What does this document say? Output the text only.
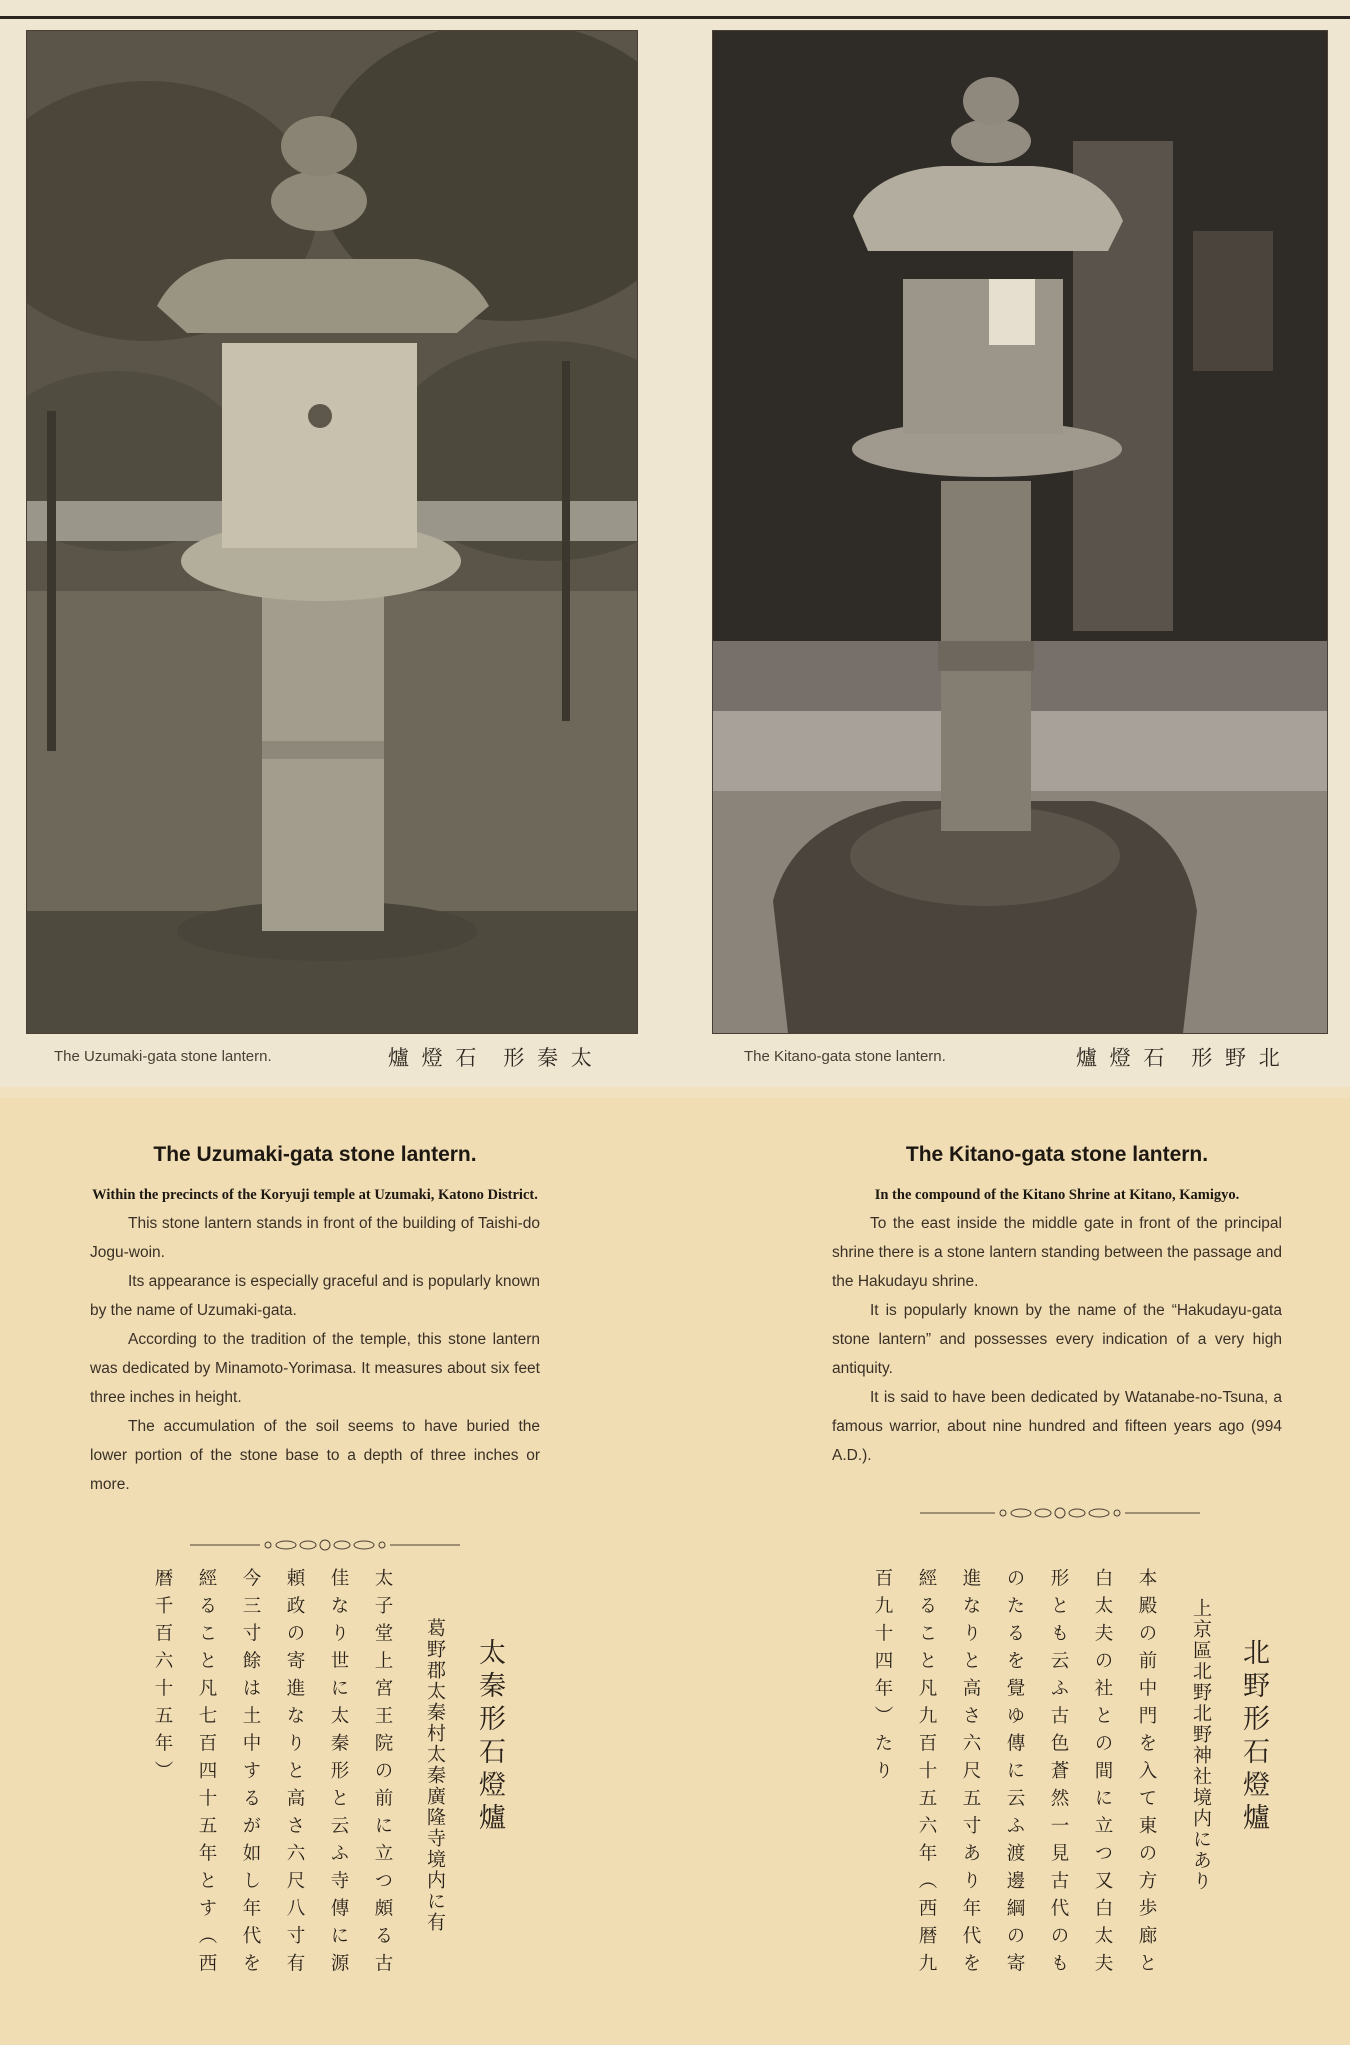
The Uzumaki-gata stone lantern.	爐 燈 石　形 秦 太	The Kitano-gata stone lantern.	爐 燈 石　形 野 北
The Uzumaki-gata stone lantern.
Within the precincts of the Koryuji temple at Uzumaki, Katono District.

This stone lantern stands in front of the building of Taishi-do Jogu-woin.

Its appearance is especially graceful and is popularly known by the name of Uzumaki-gata.

According to the tradition of the temple, this stone lantern was dedicated by Minamoto-Yorimasa. It measures about six feet three inches in height.

The accumulation of the soil seems to have buried the lower portion of the stone base to a depth of three inches or more.

太秦形石燈爐
葛野郡太秦村太秦廣隆寺境内に有
太子堂上宮王院の前に立つ頗る古佳なり世に太秦形と云ふ寺傳に源頼政の寄進なりと高さ六尺八寸有今三寸餘は土中するが如し年代を經ること凡七百四十五年とす（西暦千百六十五年）
The Kitano-gata stone lantern.
In the compound of the Kitano Shrine at Kitano, Kamigyo.

To the east inside the middle gate in front of the principal shrine there is a stone lantern standing between the passage and the Hakudayu shrine.

It is popularly known by the name of the “Hakudayu-gata stone lantern” and possesses every indication of a very high antiquity.

It is said to have been dedicated by Watanabe-no-Tsuna, a famous warrior, about nine hundred and fifteen years ago (994 A.D.).

北野形石燈爐
上京區北野北野神社境内にあり
本殿の前中門を入て東の方歩廊と白太夫の社との間に立つ又白太夫形とも云ふ古色蒼然一見古代のものたるを覺ゆ傳に云ふ渡邊綱の寄進なりと高さ六尺五寸あり年代を經ること凡九百十五六年（西暦九百九十四年）たり
